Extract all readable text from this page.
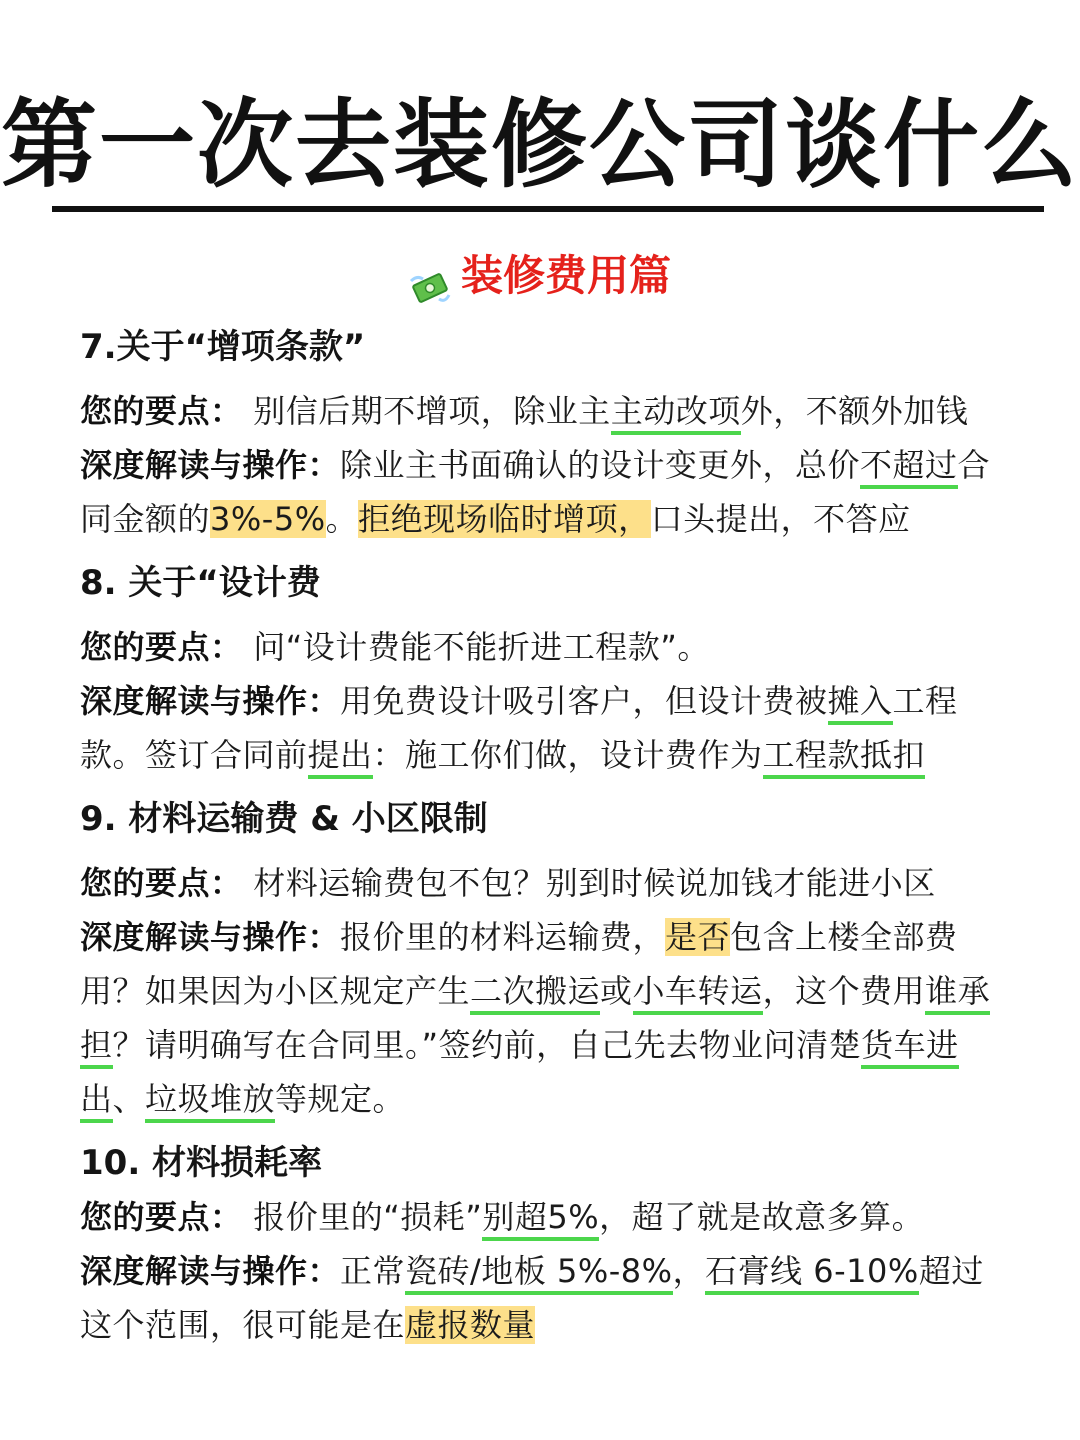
第一次去装修公司谈什么
装修费用篇

7.关于“增项条款”

您的要点： 别信后期不增项，除业主主动改项外，不额外加钱

深度解读与操作：除业主书面确认的设计变更外，总价不超过合同金额的3%-5%。拒绝现场临时增项，口头提出，不答应

8. 关于“设计费

您的要点： 问“设计费能不能折进工程款”。

深度解读与操作：用免费设计吸引客户，但设计费被摊入工程款。签订合同前提出：施工你们做，设计费作为工程款抵扣

9. 材料运输费 & 小区限制

您的要点： 材料运输费包不包？别到时候说加钱才能进小区

深度解读与操作：报价里的材料运输费，是否包含上楼全部费用？如果因为小区规定产生二次搬运或小车转运，这个费用谁承担？请明确写在合同里。”签约前，自己先去物业问清楚货车进出、垃圾堆放等规定。

10. 材料损耗率

您的要点： 报价里的“损耗”别超5%，超了就是故意多算。

深度解读与操作：正常瓷砖/地板 5%-8%，石膏线 6-10%超过这个范围，很可能是在虚报数量
